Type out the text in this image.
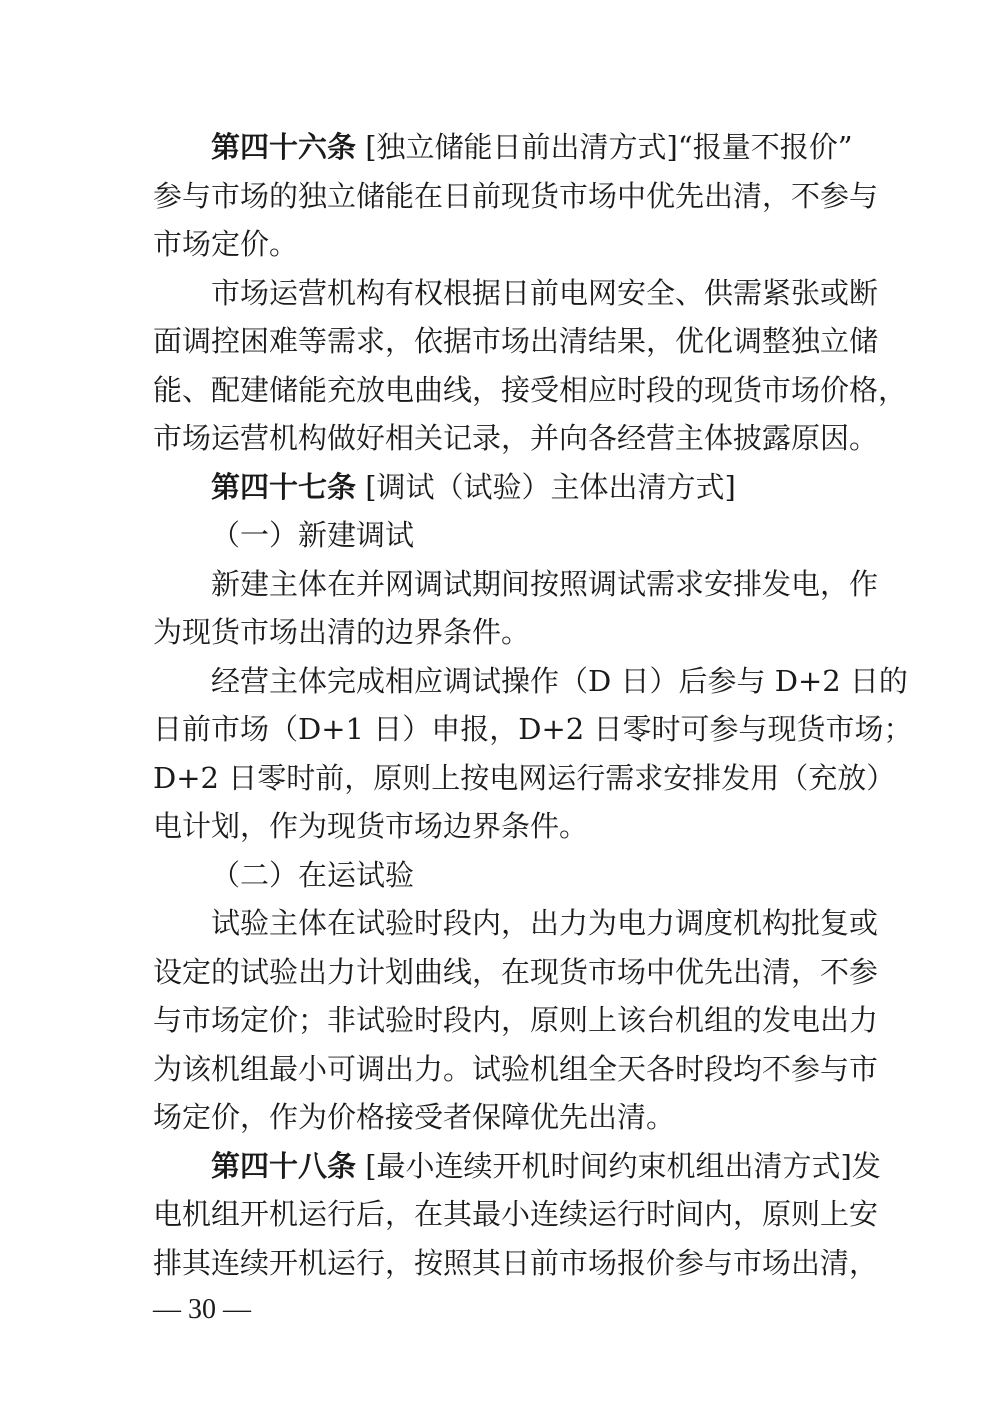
第四十六条 [独立储能日前出清方式]“报量不报价”
参与市场的独立储能在日前现货市场中优先出清，不参与
市场定价。
市场运营机构有权根据日前电网安全、供需紧张或断
面调控困难等需求，依据市场出清结果，优化调整独立储
能、配建储能充放电曲线，接受相应时段的现货市场价格，
市场运营机构做好相关记录，并向各经营主体披露原因。
第四十七条 [调试（试验）主体出清方式]
（一）新建调试
新建主体在并网调试期间按照调试需求安排发电，作
为现货市场出清的边界条件。
经营主体完成相应调试操作（D 日）后参与 D+2 日的
日前市场（D+1 日）申报，D+2 日零时可参与现货市场；
D+2 日零时前，原则上按电网运行需求安排发用（充放）
电计划，作为现货市场边界条件。
（二）在运试验
试验主体在试验时段内，出力为电力调度机构批复或
设定的试验出力计划曲线，在现货市场中优先出清，不参
与市场定价；非试验时段内，原则上该台机组的发电出力
为该机组最小可调出力。试验机组全天各时段均不参与市
场定价，作为价格接受者保障优先出清。
第四十八条 [最小连续开机时间约束机组出清方式]发
电机组开机运行后，在其最小连续运行时间内，原则上安
排其连续开机运行，按照其日前市场报价参与市场出清，
— 30 —
